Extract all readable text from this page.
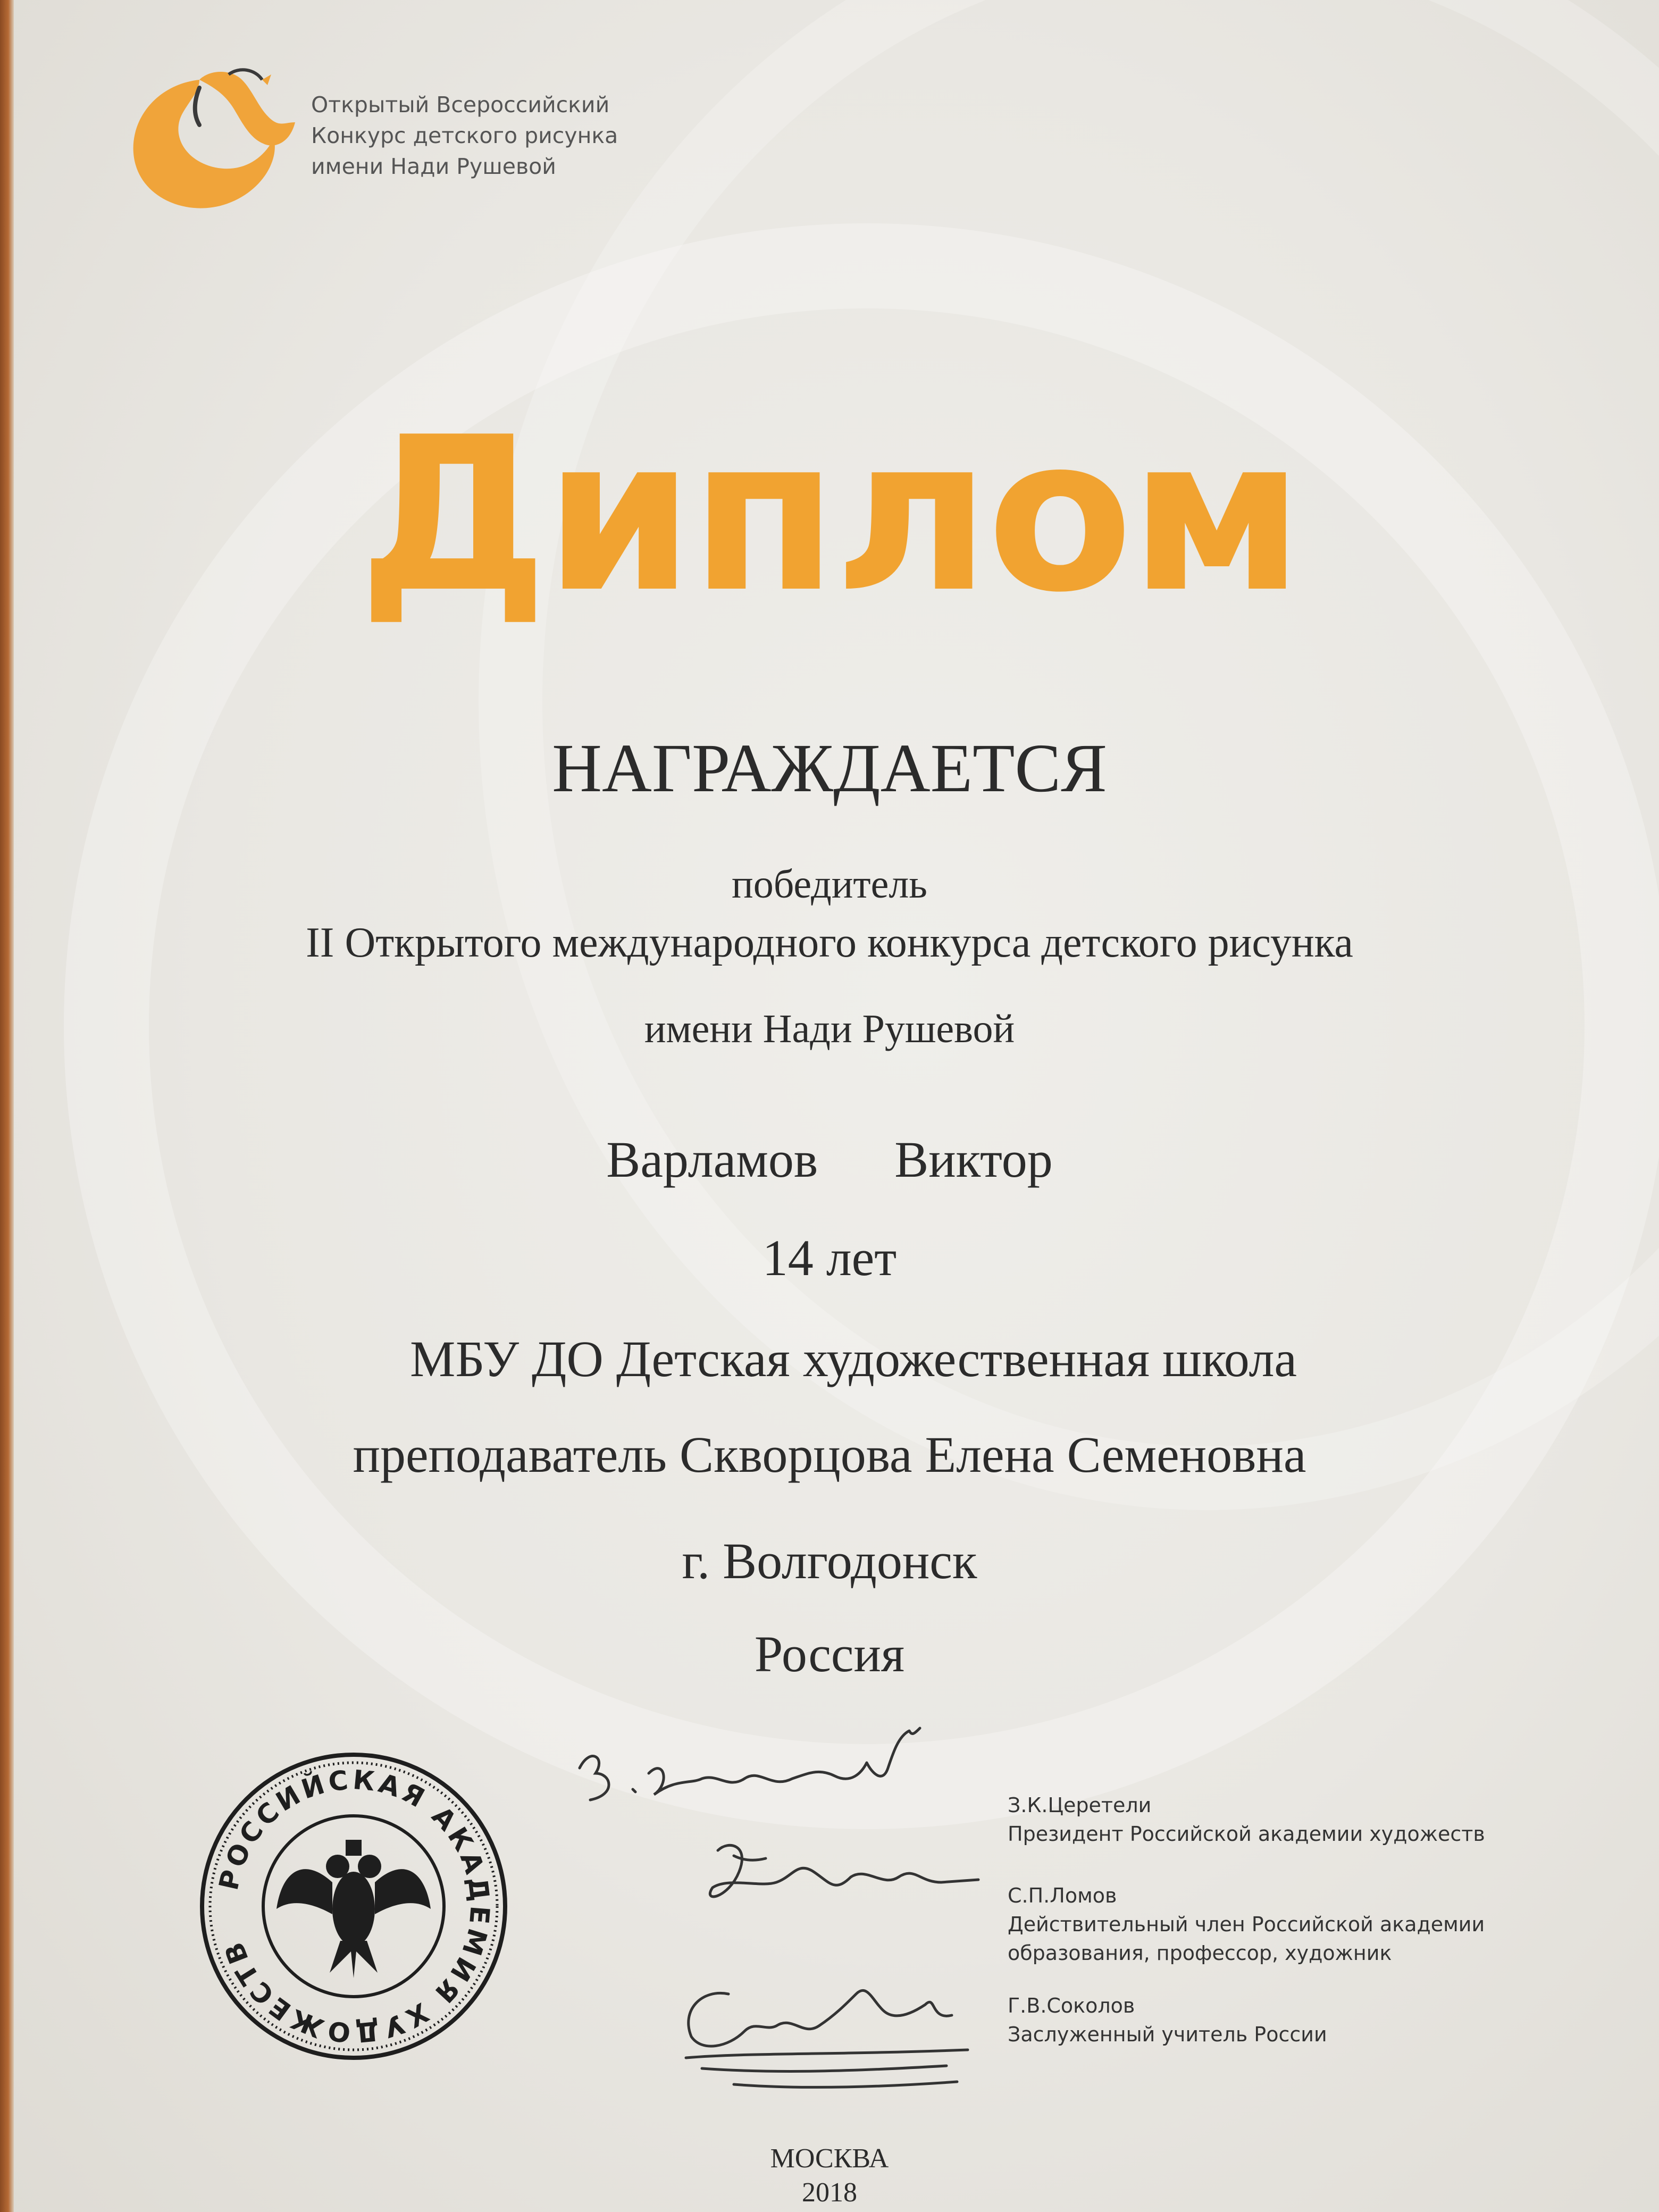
Открытый Всероссийский
Конкурс детского рисунка
имени Нади Рушевой
Диплом
НАГРАЖДАЕТСЯ
победитель
II Открытого международного конкурса детского рисунка
имени Нади Рушевой
Варламов   Виктор
14 лет
МБУ ДО Детская художественная школа
преподаватель Скворцова Елена Семеновна
г. Волгодонск
Россия
РОССИЙСКАЯ АКАДЕМИЯ ХУДОЖЕСТВ
З.К.Церетели
Президент Российской академии художеств
С.П.Ломов
Действительный член Российской академии
образования, профессор, художник
Г.В.Соколов
Заслуженный учитель России
МОСКВА
2018
